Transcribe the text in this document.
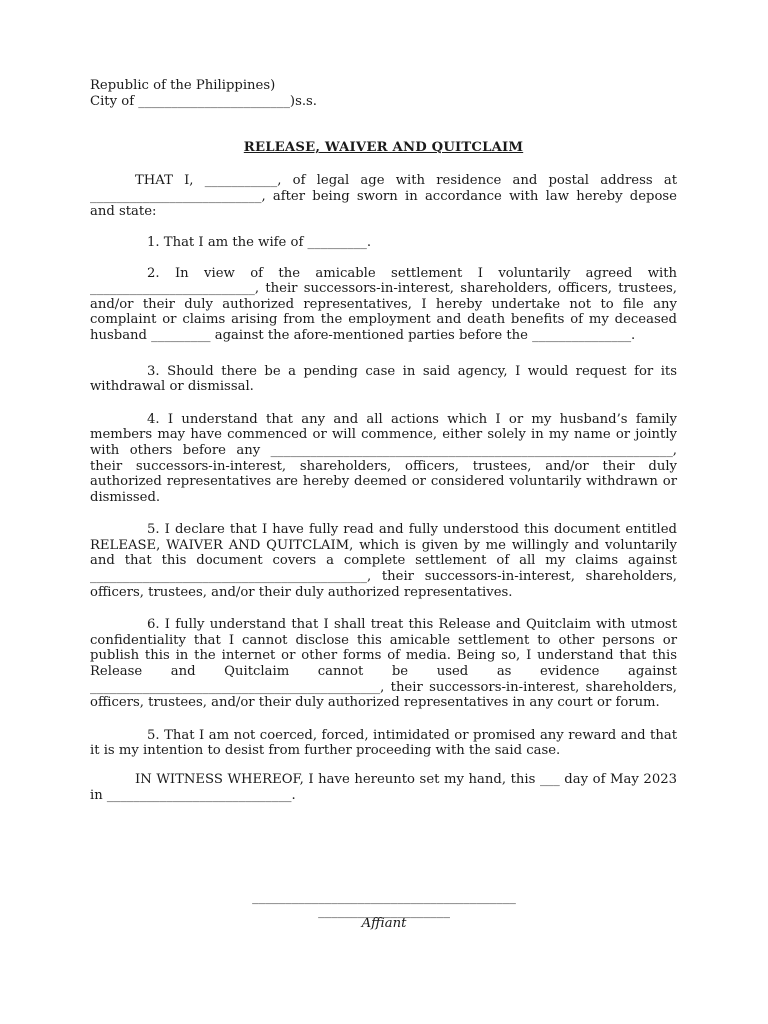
Republic of the Philippines)
City of _______________________)s.s.
RELEASE, WAIVER AND QUITCLAIM
THAT I, ___________, of legal age with residence and postal address at __________________________, after being sworn in accordance with law hereby depose and state:
1. That I am the wife of _________.
2. In view of the amicable settlement I voluntarily agreed with _________________________, their successors-in-interest, shareholders, officers, trustees, and/or their duly authorized representatives, I hereby undertake not to file any complaint or claims arising from the employment and death benefits of my deceased husband _________ against the afore-mentioned parties before the _______________.
3. Should there be a pending case in said agency, I would request for its withdrawal or dismissal.
4. I understand that any and all actions which I or my husband’s family members may have commenced or will commence, either solely in my name or jointly with others before any _____________________________________________________________, their successors-in-interest, shareholders, officers, trustees, and/or their duly authorized representatives are hereby deemed or considered voluntarily withdrawn or dismissed.
5. I declare that I have fully read and fully understood this document entitled RELEASE, WAIVER AND QUITCLAIM, which is given by me willingly and voluntarily and that this document covers a complete settlement of all my claims against __________________________________________, their successors-in-interest, shareholders, officers, trustees, and/or their duly authorized representatives.
6. I fully understand that I shall treat this Release and Quitclaim with utmost confidentiality that I cannot disclose this amicable settlement to other persons or publish this in the internet or other forms of media. Being so, I understand that this Release and Quitclaim cannot be used as evidence against ____________________________________________, their successors-in-interest, shareholders, officers, trustees, and/or their duly authorized representatives in any court or forum.
5. That I am not coerced, forced, intimidated or promised any reward and that it is my intention to desist from further proceeding with the said case.
IN WITNESS WHEREOF, I have hereunto set my hand, this ___ day of May 2023 in ____________________________.
________________________________________
____________________
Affiant
